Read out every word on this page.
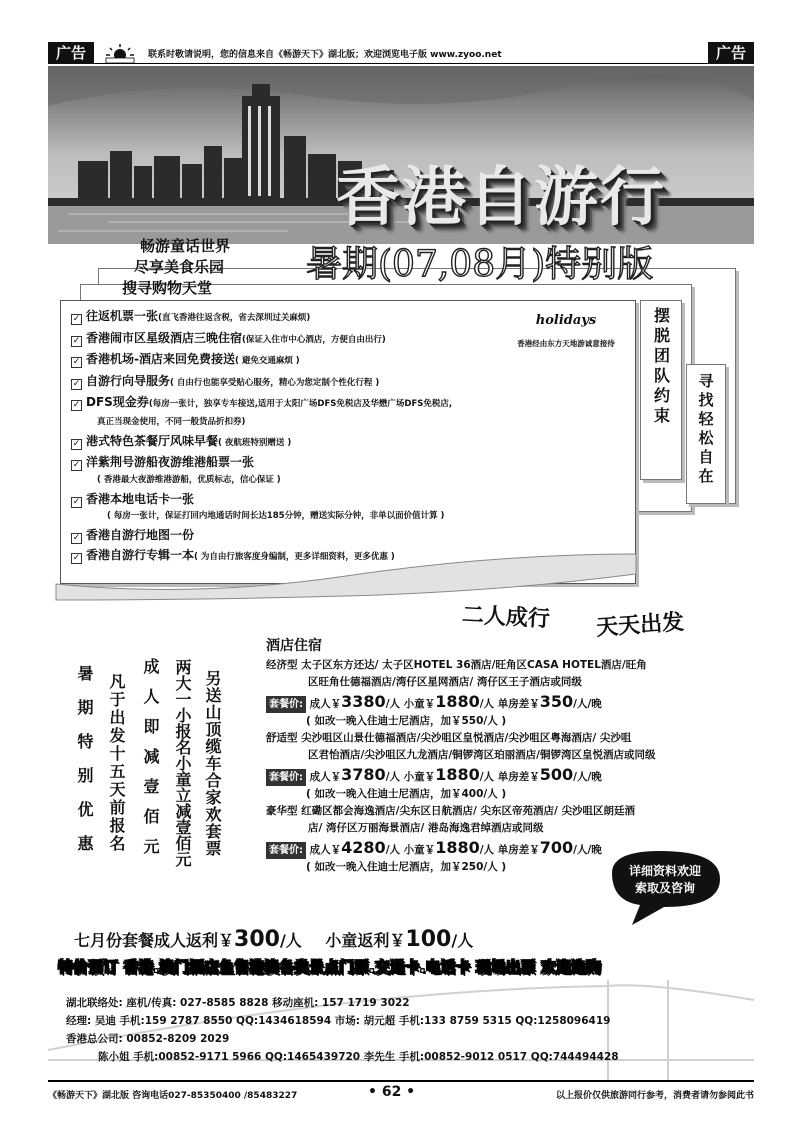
广告	联系时敬请说明，您的信息来自《畅游天下》湖北版；欢迎浏览电子版 www.zyoo.net	广告
香港自游行
畅游童话世界
尽享美食乐园
搜寻购物天堂
暑期(07,08月)特别版
寻找轻松自在
摆脱团队约束
✓ 往返机票一张(直飞香港往返含税，省去深圳过关麻烦)
✓ 香港闹市区星级酒店三晚住宿(保证入住市中心酒店，方便自由出行)
✓ 香港机场-酒店来回免费接送( 避免交通麻烦 )
✓ 自游行向导服务( 自由行也能享受贴心服务，精心为您定制个性化行程 )
✓ DFS现金券(每房一张计，独享专车接送,适用于太阳广场DFS免税店及华懋广场DFS免税店,
真正当现金使用，不同一般货品折扣券)
✓ 港式特色茶餐厅风味早餐( 夜航班特别赠送 )
✓ 洋紫荆号游船夜游维港船票一张
( 香港最大夜游维港游船，优质标志，信心保证 )
✓ 香港本地电话卡一张
( 每房一张计，保证打回内地通话时间长达185分钟，赠送实际分钟，非单以面价值计算 )
✓ 香港自游行地图一份
✓ 香港自游行专辑一本( 为自由行旅客度身编制，更多详细资料，更多优惠 )
holidays
香港经由东方天地游诚意接待
二人成行 天天出发
暑期特别优惠 凡于出发十五天前报名 成人即减壹佰元 两大一小报名小童立减壹佰元 另送山顶缆车合家欢套票
酒店住宿
经济型 太子区东方还达/ 太子区HOTEL 36酒店/旺角区CASA HOTEL酒店/旺角
区旺角仕德福酒店/湾仔区星网酒店/ 湾仔区王子酒店或同级
套餐价: 成人￥3380/人 小童￥1880/人 单房差￥350/人/晚
( 如改一晚入住迪士尼酒店，加￥550/人 )
舒适型 尖沙咀区山景仕德福酒店/尖沙咀区皇悦酒店/尖沙咀区粤海酒店/ 尖沙咀
区君怡酒店/尖沙咀区九龙酒店/铜锣湾区珀丽酒店/铜锣湾区皇悦酒店或同级
套餐价: 成人￥3780/人 小童￥1880/人 单房差￥500/人/晚
( 如改一晚入住迪士尼酒店，加￥400/人 )
豪华型 红磡区都会海逸酒店/尖东区日航酒店/ 尖东区帝苑酒店/ 尖沙咀区朗廷酒
店/ 湾仔区万丽海景酒店/ 港岛海逸君绰酒店或同级
套餐价: 成人￥4280/人 小童￥1880/人 单房差￥700/人/晚
( 如改一晚入住迪士尼酒店，加￥250/人 )	详细资料欢迎
索取及咨询
七月份套餐成人返利￥300/人 小童返利￥100/人
特价预订 香港.澳门酒店鱼售港澳各类景点门票.交通卡.电话卡 现场出票 欢迎选购
湖北联络处: 座机/传真: 027-8585 8828 移动座机: 157 1719 3022
经理: 吴迪 手机:159 2787 8550 QQ:1434618594 市场: 胡元超 手机:133 8759 5315 QQ:1258096419
香港总公司: 00852-8209 2029
陈小姐 手机:00852-9171 5966 QQ:1465439720 李先生 手机:00852-9012 0517 QQ:744494428
《畅游天下》湖北版 咨询电话027-85350400 /85483227	• 62 •	以上报价仅供旅游同行参考，消费者请勿参阅此书
